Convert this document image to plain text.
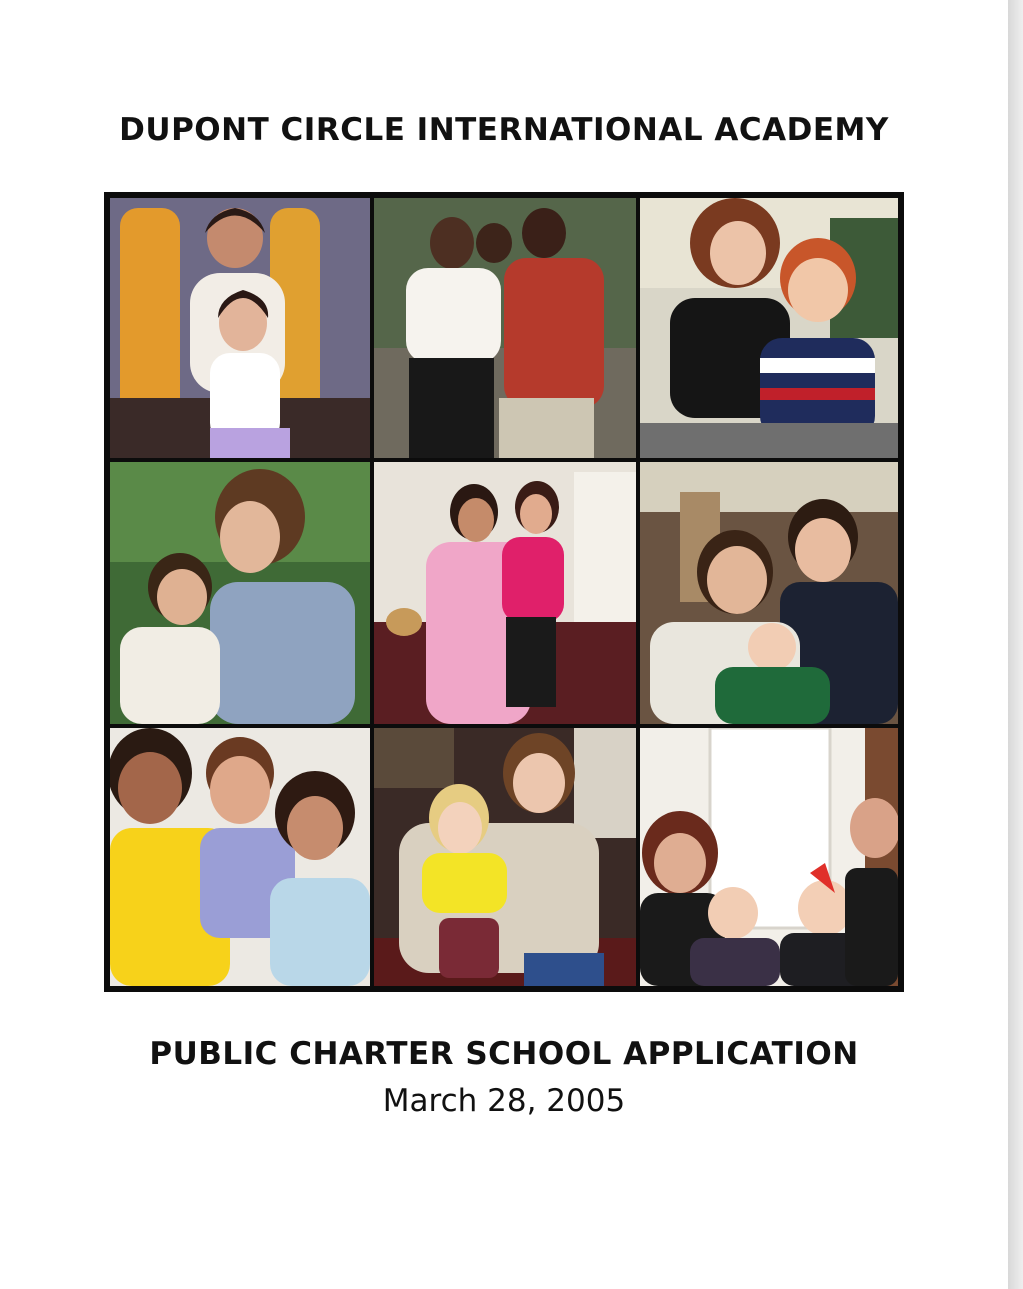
DUPONT CIRCLE INTERNATIONAL ACADEMY
PUBLIC CHARTER SCHOOL APPLICATION
March 28, 2005
